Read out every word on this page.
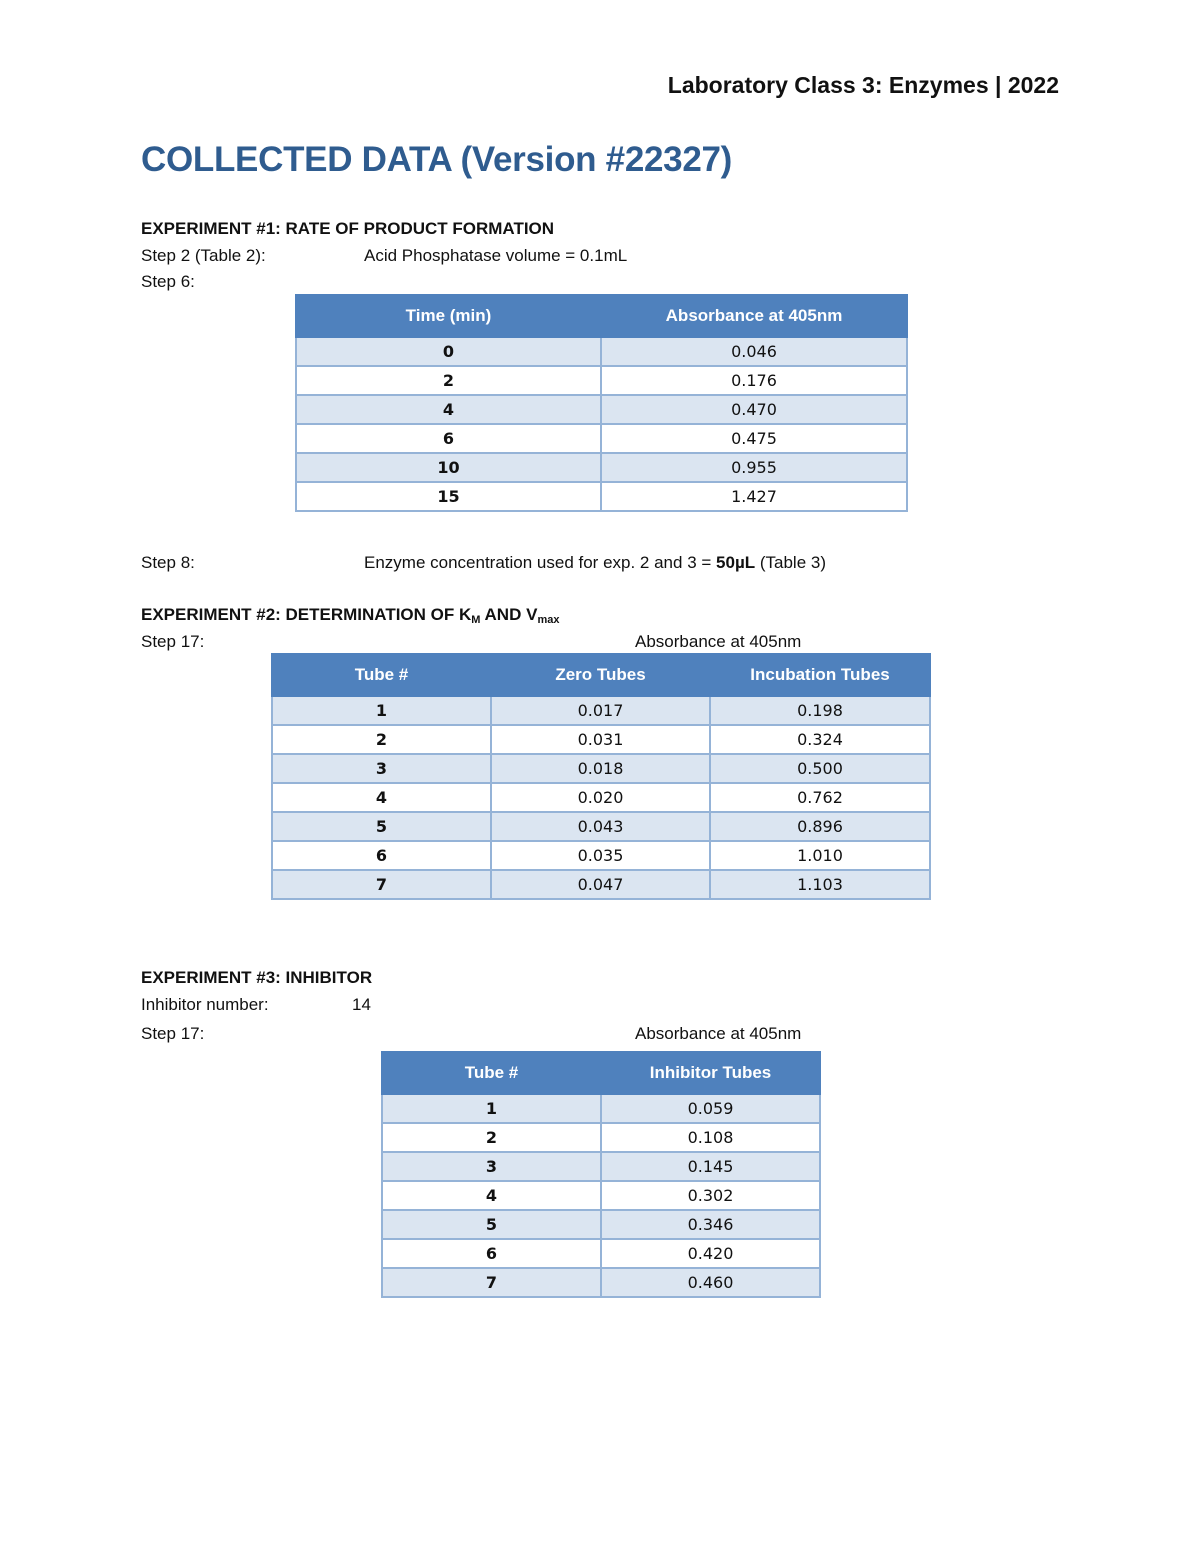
Laboratory Class 3: Enzymes | 2022
COLLECTED DATA (Version #22327)
EXPERIMENT #1: RATE OF PRODUCT FORMATION
Step 2 (Table 2):	Acid Phosphatase volume = 0.1mL
Step 6:
Time (min)	Absorbance at 405nm
0	0.046
2	0.176
4	0.470
6	0.475
10	0.955
15	1.427
Step 8:	Enzyme concentration used for exp. 2 and 3 = 50µL (Table 3)
EXPERIMENT #2: DETERMINATION OF $K_M$ AND $V_{max}$
Step 17:	Absorbance at 405nm
Tube #	Zero Tubes	Incubation Tubes
1	0.017	0.198
2	0.031	0.324
3	0.018	0.500
4	0.020	0.762
5	0.043	0.896
6	0.035	1.010
7	0.047	1.103
EXPERIMENT #3: INHIBITOR
Inhibitor number:	14
Step 17:	Absorbance at 405nm
Tube #	Inhibitor Tubes
1	0.059
2	0.108
3	0.145
4	0.302
5	0.346
6	0.420
7	0.460
